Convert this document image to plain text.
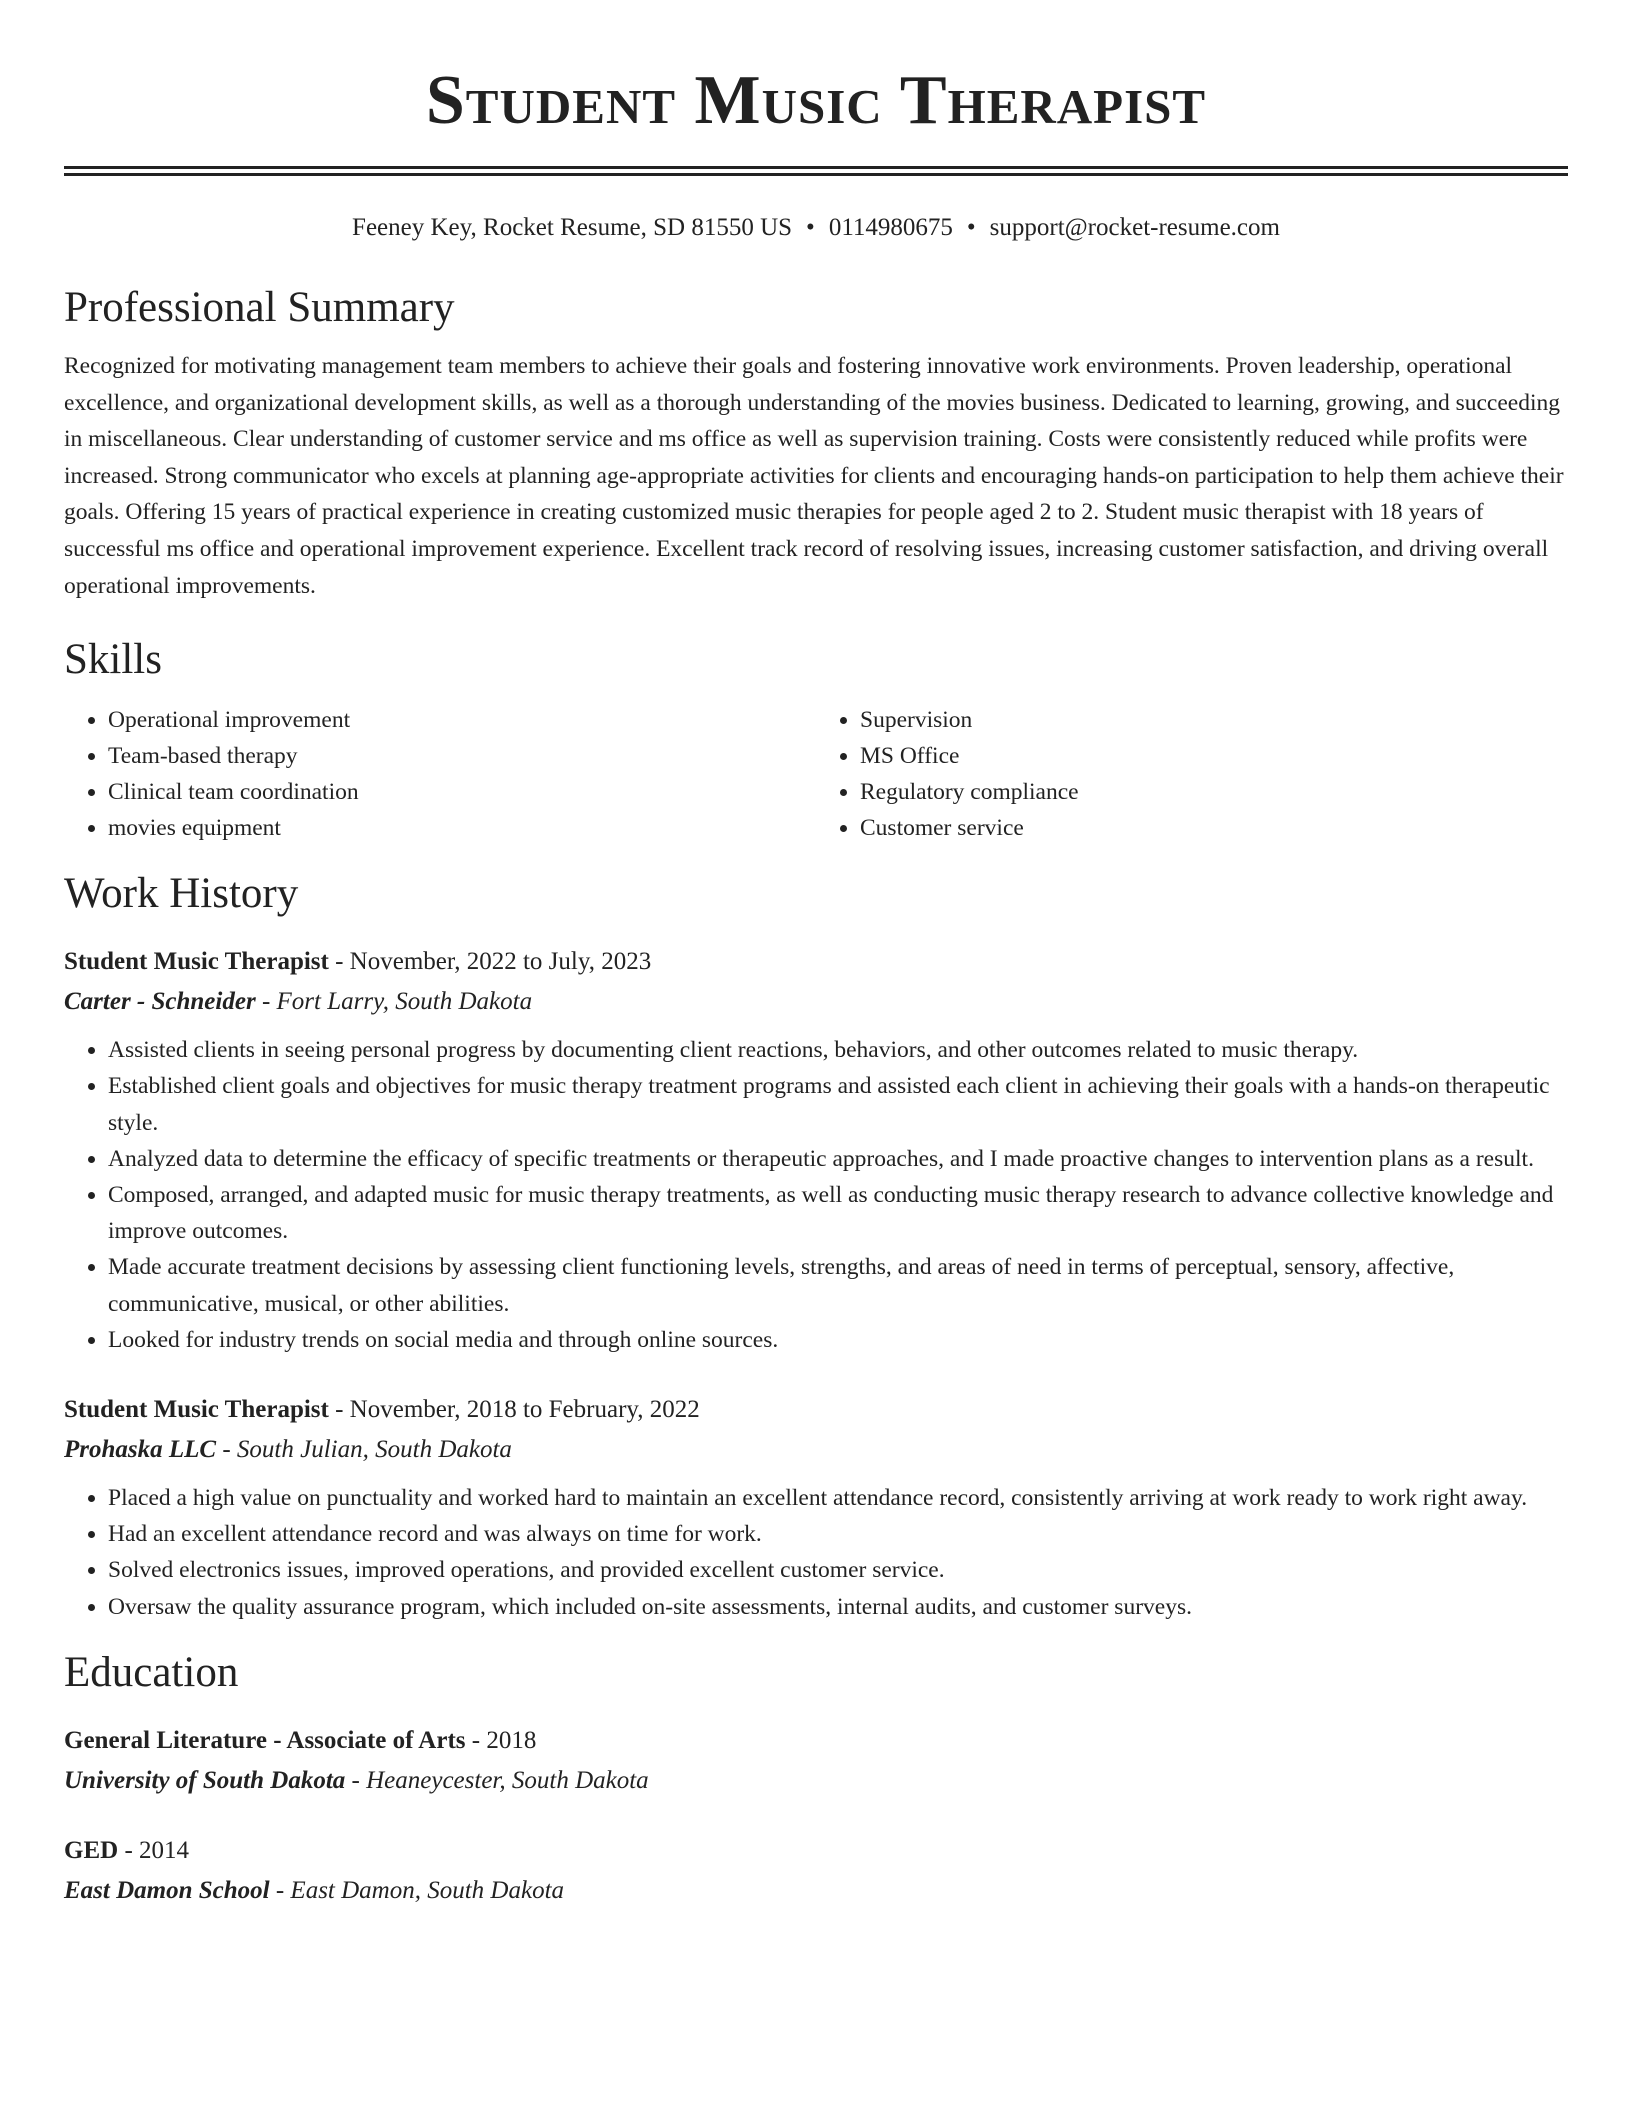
Student Music Therapist
Feeney Key, Rocket Resume, SD 81550 US • 0114980675 • support@rocket-resume.com
Professional Summary

Recognized for motivating management team members to achieve their goals and fostering innovative work environments. Proven leadership, operational excellence, and organizational development skills, as well as a thorough understanding of the movies business. Dedicated to learning, growing, and succeeding in miscellaneous. Clear understanding of customer service and ms office as well as supervision training. Costs were consistently reduced while profits were increased. Strong communicator who excels at planning age-appropriate activities for clients and encouraging hands-on participation to help them achieve their goals. Offering 15 years of practical experience in creating customized music therapies for people aged 2 to 2. Student music therapist with 18 years of successful ms office and operational improvement experience. Excellent track record of resolving issues, increasing customer satisfaction, and driving overall operational improvements.

Skills
• Operational improvement
• Team-based therapy
• Clinical team coordination
• movies equipment
• Supervision
• MS Office
• Regulatory compliance
• Customer service
Work History
Student Music Therapist - November, 2022 to July, 2023
Carter - Schneider - Fort Larry, South Dakota
• Assisted clients in seeing personal progress by documenting client reactions, behaviors, and other outcomes related to music therapy.
• Established client goals and objectives for music therapy treatment programs and assisted each client in achieving their goals with a hands-on therapeutic style.
• Analyzed data to determine the efficacy of specific treatments or therapeutic approaches, and I made proactive changes to intervention plans as a result.
• Composed, arranged, and adapted music for music therapy treatments, as well as conducting music therapy research to advance collective knowledge and improve outcomes.
• Made accurate treatment decisions by assessing client functioning levels, strengths, and areas of need in terms of perceptual, sensory, affective, communicative, musical, or other abilities.
• Looked for industry trends on social media and through online sources.
Student Music Therapist - November, 2018 to February, 2022
Prohaska LLC - South Julian, South Dakota
• Placed a high value on punctuality and worked hard to maintain an excellent attendance record, consistently arriving at work ready to work right away.
• Had an excellent attendance record and was always on time for work.
• Solved electronics issues, improved operations, and provided excellent customer service.
• Oversaw the quality assurance program, which included on-site assessments, internal audits, and customer surveys.
Education
General Literature - Associate of Arts - 2018
University of South Dakota - Heaneycester, South Dakota
GED - 2014
East Damon School - East Damon, South Dakota
